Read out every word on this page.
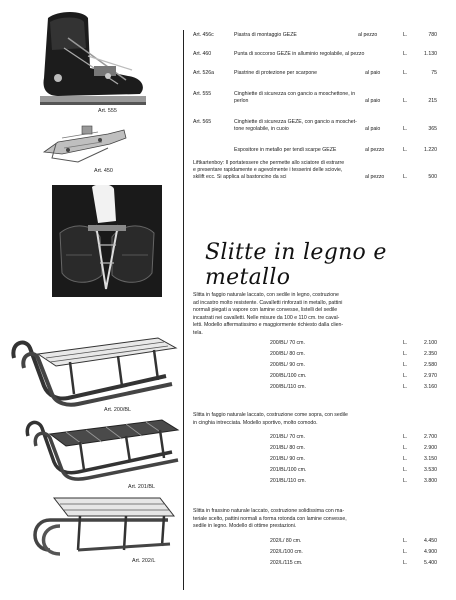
Art. 555
Art. 450
Art. 200/BL
Art. 201/BL
Art. 202/L
Art. 456c	Piastra di montaggio GEZE	al pezzo	L.	780
Art. 460	Punta di soccorso GEZE in alluminio regolabile, al pezzo	L.	1.130
Art. 526a	Piastrine di protezione per scarpone	al paio	L.	75
Art. 555	Cinghiette di sicurezza con gancio a moschettone, in
perlon	al paio	L.	215
Art. 565	Cinghiette di sicurezza GEZE, con gancio a moschet-
tone regolabile, in cuoio	al paio	L.	365
Espositore in metallo per tendi scarpe GEZE	al pezzo	L.	1.220
Liftkartenboy: Il portatessere che permette allo sciatore di estrarre
e presentare rapidamente e agevolmente i tesserini delle sciovie,
skilift ecc. Si applica al bastoncino da sci	al pezzo	L.	500
Slitte in legno e metallo
Slitta in faggio naturale laccato, con sedile in legno, costruzione
ad incastro molto resistente. Cavalletti rinforzati in metallo, pattini
normali piegati a vapore con lamine convesse, listelli del sedile
incastrati nei cavalletti. Nelle misure da 100 e 110 cm. tre caval-
letti. Modello affermatissimo e maggiormente richiesto dalla clien-
tela.
200/BL/ 70 cm.	L.	2.100
200/BL/ 80 cm.	L.	2.350
200/BL/ 90 cm.	L.	2.580
200/BL/100 cm.	L.	2.970
200/BL/110 cm.	L.	3.160
Slitta in faggio naturale laccato, costruzione come sopra, con sedile
in cinghia intrecciata. Modello sportivo, molto comodo.
201/BL/ 70 cm.	L.	2.700
201/BL/ 80 cm.	L.	2.900
201/BL/ 90 cm.	L.	3.150
201/BL/100 cm.	L.	3.530
201/BL/110 cm.	L.	3.800
Slitta in frassino naturale laccato, costruzione solidissima con ma-
teriale scelto, pattini normali a forma rotonda con lamine convesse,
sedile in legno. Modello di ottime prestazioni.
202/L/ 80 cm.	L.	4.450
202/L/100 cm.	L.	4.900
202/L/115 cm.	L.	5.400
